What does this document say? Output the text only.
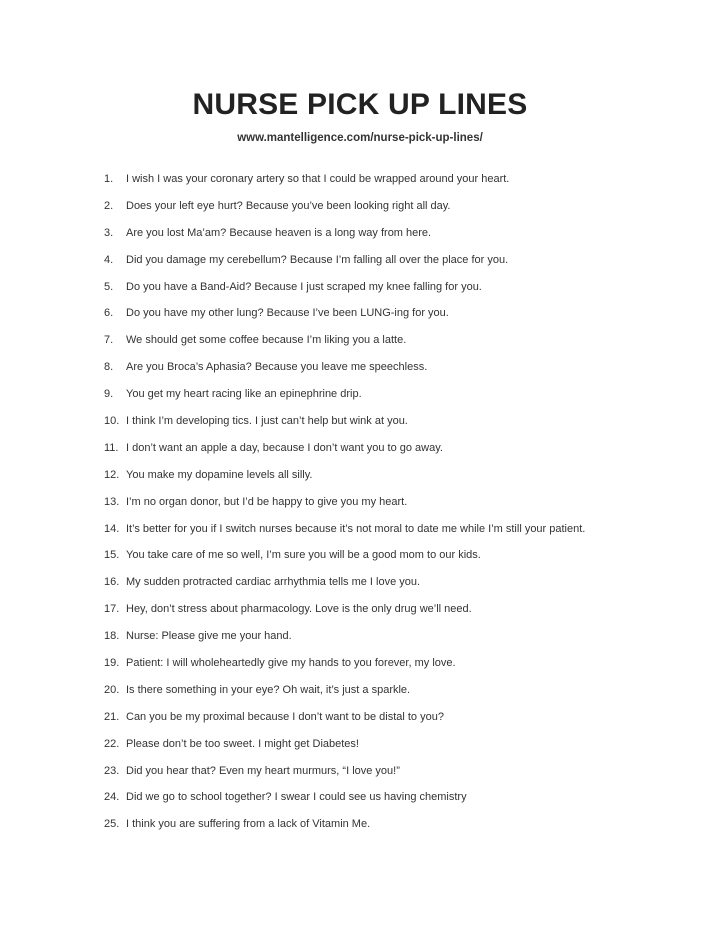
NURSE PICK UP LINES
www.mantelligence.com/nurse-pick-up-lines/
1.	I wish I was your coronary artery so that I could be wrapped around your heart.
2.	Does your left eye hurt? Because you’ve been looking right all day.
3.	Are you lost Ma’am? Because heaven is a long way from here.
4.	Did you damage my cerebellum? Because I’m falling all over the place for you.
5.	Do you have a Band-Aid? Because I just scraped my knee falling for you.
6.	Do you have my other lung? Because I’ve been LUNG-ing for you.
7.	We should get some coffee because I’m liking you a latte.
8.	Are you Broca’s Aphasia? Because you leave me speechless.
9.	You get my heart racing like an epinephrine drip.
10. I think I’m developing tics. I just can’t help but wink at you.
11. I don’t want an apple a day, because I don’t want you to go away.
12. You make my dopamine levels all silly.
13. I’m no organ donor, but I’d be happy to give you my heart.
14. It’s better for you if I switch nurses because it’s not moral to date me while I’m still your patient.
15. You take care of me so well, I’m sure you will be a good mom to our kids.
16. My sudden protracted cardiac arrhythmia tells me I love you.
17. Hey, don’t stress about pharmacology. Love is the only drug we’ll need.
18. Nurse: Please give me your hand.
19. Patient: I will wholeheartedly give my hands to you forever, my love.
20. Is there something in your eye? Oh wait, it’s just a sparkle.
21. Can you be my proximal because I don’t want to be distal to you?
22. Please don’t be too sweet. I might get Diabetes!
23. Did you hear that? Even my heart murmurs, “I love you!”
24. Did we go to school together? I swear I could see us having chemistry
25. I think you are suffering from a lack of Vitamin Me.
